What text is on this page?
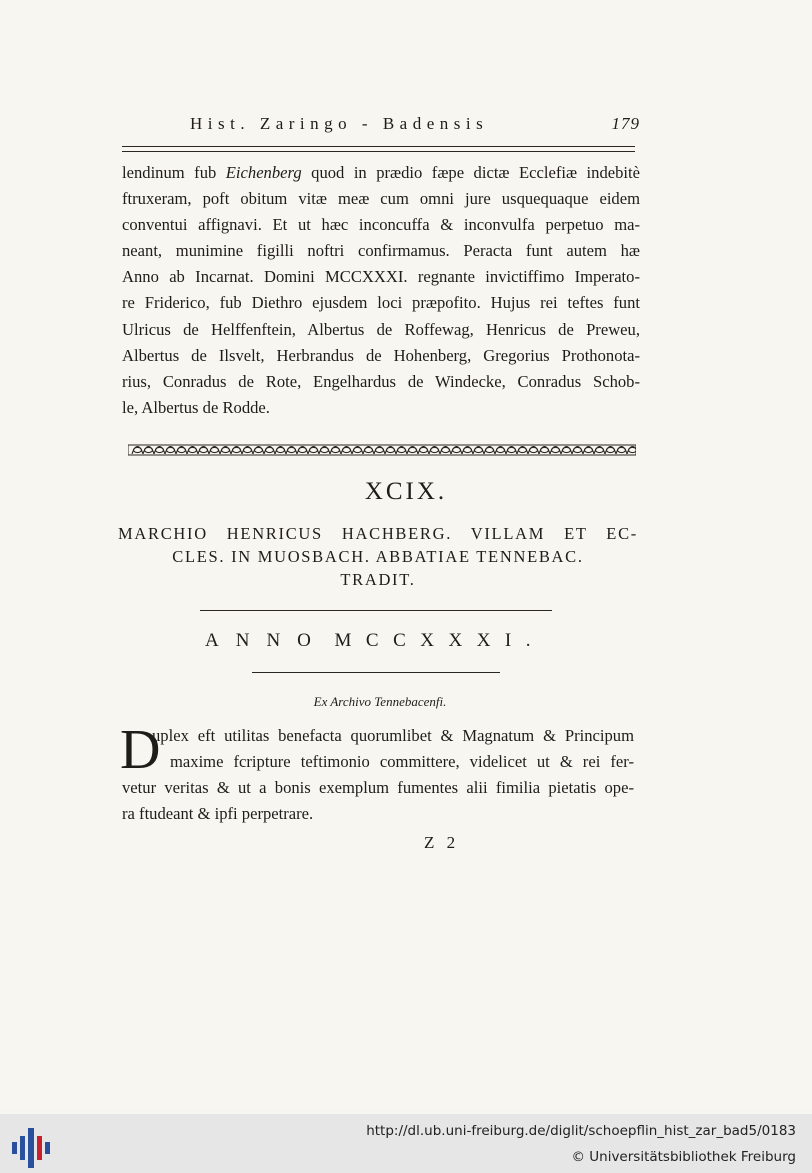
Hist. Zaringo - Badensis	179
lendinum fub Eichenberg quod in prædio fæpe dictæ Ecclefiæ indebitè
ftruxeram, poft obitum vitæ meæ cum omni jure usquequaque eidem
conventui affignavi. Et ut hæc inconcuffa & inconvulfa perpetuo ma-
neant, munimine figilli noftri confirmamus. Peracta funt autem hæ
Anno ab Incarnat. Domini MCCXXXI. regnante invictiffimo Imperato-
re Friderico, fub Diethro ejusdem loci præpofito. Hujus rei teftes funt
Ulricus de Helffenftein, Albertus de Roffewag, Henricus de Preweu,
Albertus de Ilsvelt, Herbrandus de Hohenberg, Gregorius Prothonota-
rius, Conradus de Rote, Engelhardus de Windecke, Conradus Schob-
le, Albertus de Rodde.
XCIX.
MARCHIO HENRICUS HACHBERG. VILLAM ET EC-
CLES. IN MUOSBACH. ABBATIAE TENNEBAC.
TRADIT.
ANNO MCCXXXI.
Ex Archivo Tennebacenfi.
D
uplex eft utilitas benefacta quorumlibet & Magnatum & Principum
maxime fcripture teftimonio committere, videlicet ut & rei fer-
vetur veritas & ut a bonis exemplum fumentes alii fimilia pietatis ope-
ra ftudeant & ipfi perpetrare.
Z 2
http://dl.ub.uni-freiburg.de/diglit/schoepflin_hist_zar_bad5/0183
© Universitätsbibliothek Freiburg
